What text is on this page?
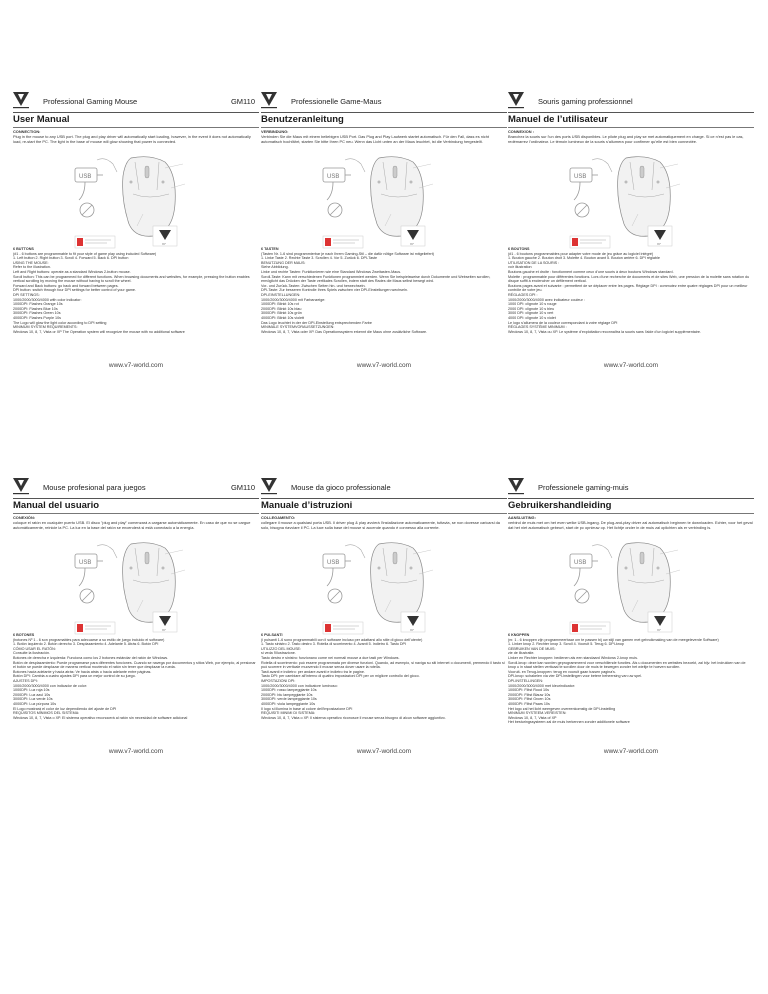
Professional Gaming Mouse	GM110
User Manual
CONNECTION:
Plug in the mouse to any USB port. The plug and play driver will automatically start loading, however, in the event it does not automatically load, re-start the PC. The light in the base of mouse will glow showing that power is connected.
USB
V7
6 BUTTONS
(#1 - 6 buttons are programmable to fit your style of game play using included Software)
1. Left button 2. Right button 3. Scroll 4. Forward 5. Back 6. DPI button
USING THE MOUSE:
Refer to the illustration.
Left and Right buttons: operate as a standard Windows 2-button mouse.
Scroll button: This can be programmed for different functions. When browsing documents and websites, for example, pressing the button enables vertical scrolling by moving the mouse without having to scroll the wheel.
Forward and Back buttons: go back and forward between pages.
DPI button: switch through four DPI settings for better control of your game.
DPI SETTINGS:
1000/2000/3000/4000 with color indicator:
1000DPI: Flashes Orange 10s
2000DPI: Flashes Blue 10s
3000DPI: Flashes Green 10s
4000DPI: Flashes Purple 10s
The Logo will glow the light color according to DPI setting
MINIMUM SYSTEM REQUIREMENTS:
Windows 10, 8, 7, Vista or XP The Operation system will recognize the mouse with no additional software
www.v7-world.com
Professionelle Game-Maus
Benutzeranleitung
VERBINDUNG:
Verbinden Sie die Maus mit einem beliebigen USB Port. Das Plug and Play Laufwerk startet automatisch. Für den Fall, dass es nicht automatisch hochfährt, starten Sie bitte Ihren PC neu. Wenn das Licht unten an der Maus leuchtet, ist die Verbindung hergestellt.
USB
V7
6 TASTEN
(Tasten Nr. 1-6 sind programmierbar je nach Ihrem Gaming-Stil – die dafür nötige Software ist mitgeliefert)
1. Linke Taste 2. Rechte Taste 3. Scrollen 4. Vor 5. Zurück 6. DPI-Taste
BENUTZUNG DER MAUS:
Siehe Abbildung.
Linke und rechte Tasten: Funktionieren wie eine Standard Windows Zweitasten-Maus.
Scroll-Taste: Kann mit verschiedenen Funktionen programmiert werden. Wenn Sie beispielsweise durch Dokumente und Webseiten scrollen, ermöglicht das Drücken der Taste vertikales Scrollen, indem statt des Rades die Maus selbst bewegt wird.
Vor- und Zurück-Tasten: Zwischen Seiten hin- und herwechseln.
DPI-Taste: Zur besseren Kontrolle Ihres Spiels zwischen vier DPI-Einstellungen wechseln.
DPI-EINSTELLUNGEN:
1000/2000/3000/4000 mit Farbanzeige:
1000DPI: Blinkt 10s rot
2000DPI: Blinkt 10s blau
3000DPI: Blinkt 10s grün
4000DPI: Blinkt 10s violett
Das Logo leuchtet in der der DPI-Einstellung entsprechenden Farbe
MINIMALE SYSTEMVORAUSSETZUNGEN:
Windows 10, 8, 7, Vista oder XP. Das Operationssystem erkennt die Maus ohne zusätzliche Software.
www.v7-world.com
Souris gaming professionnel
Manuel de l’utilisateur
CONNEXION :
Branchez la souris sur l’un des ports USB disponibles. Le pilote plug and play se met automatiquement en charge. Si ce n’est pas le cas, redémarrez l’ordinateur. Le témoin lumineux de la souris s’allumera pour confirmer qu’elle est bien connectée.
USB
V7
6 BOUTONS
(#1 - 6 boutons programmables pour adapter votre mode de jeu grâce au logiciel intégré)
1. Bouton gauche 2. Bouton droit 3. Molette 4. Bouton avant 5. Bouton arrière 6. DPI réglable
UTILISATION DE LA SOURIS :
voir illustration
Boutons gauche et droite : fonctionnent comme ceux d’une souris à deux boutons Windows standard.
Molette : programmable pour différentes fonctions. Lors d’une recherche de documents et de sites Web, une pression de la molette sans rotation du disque suffit à enclencher un défilement vertical.
Boutons pages avant et suivante : permettent de se déplacer entre les pages. Réglage DPI : commutez entre quatre réglages DPI pour un meilleur contrôle de votre jeu.
RÉGLAGES DPI :
1000/2000/3000/4000 avec indicateur couleur :
1000 DPI: clignote 10 s rouge
2000 DPI: clignote 10 s bleu
3000 DPI: clignote 10 s vert
4000 DPI: clignote 10 s violet
Le logo s’allumera de la couleur correspondant à votre réglage DPI
RÉGLAGES SYSTÈME MINIMUM :
Windows 10, 8, 7, Vista ou XP. Le système d’exploitation reconnaîtra la souris sans l’aide d’un logiciel supplémentaire.
www.v7-world.com
Mouse profesional para juegos	GM110
Manual del usuario
CONEXIÓN:
coloque el ratón en cualquier puerto USB. El disco "plug and play" comenzará a cargarse automáticamente. En caso de que no se cargue automáticamente, reinicie la PC. La luz en la base del ratón se encenderá si está conectado a la energía.
USB
V7
6 BOTONES
(botones Nº 1 - 6 son programables para adecuarse a su estilo de juego incluido el software)
1. Botón izquierdo 2. Botón derecho 3. Desplazamiento 4. Adelante 5. Atrás 6. Botón DPI
CÓMO USAR EL RATÓN:
Consulte la ilustración.
Botones de derecha e izquierda: Funciona como los 2 botones estándar del ratón de Windows.
Botón de desplazamiento: Puede programarse para diferentes funciones. Cuando se navega por documentos y sitios Web, por ejemplo, al presionar el botón se puede desplazar de manera vertical moviendo el ratón sin tener que desplazar la rueda.
Botones hacia adelante y hacia atrás: Ve hacia atrás o hacia adelante entre páginas.
Botón DPI: Cambia a cuatro ajustes DPI para un mejor control de su juego.
AJUSTES DPI:
1000/2000/3000/4000 con indicador de color:
1000DPI: Luz roja 10s
2000DPI: Luz azul 10s
3000DPI: Luz verde 10s
4000DPI: Luz púrpura 10s
El Logo mostrará el color de luz dependiendo del ajuste de DPI
REQUISITOS MÍNIMOS DEL SISTEMA:
Windows 10, 8, 7, Vista o XP. El sistema operativo reconocerá al ratón sin necesidad de software adicional
www.v7-world.com
Mouse da gioco professionale
Manuale d’istruzioni
COLLEGAMENTO:
collegare il mouse a qualsiasi porta USB. Il driver plug & play avvierà l’installazione automaticamente, tuttavia, se non dovesse caricarsi da solo, bisogna riavviare il PC. La luce sulla base del mouse si accende quando è connesso alla corrente.
USB
V7
6 PULSANTI
(i pulsanti 1-6 sono programmabili con il software incluso per adattarsi allo stile di gioco dell’utente)
1. Tasto sinistro 2. Tasto destro 3. Rotella di scorrimento 4. Avanti 5. Indietro 6. Tasto DPI
UTILIZZO DEL MOUSE:
si veda l’illustrazione.
Tasto destro e sinistro: funzionano come nei normali mouse a due tasti per Windows.
Rotella di scorrimento: può essere programmata per diverse funzioni. Quando, ad esempio, si naviga su siti internet o documenti, premendo il tasto si può scorrere in verticale muovendo il mouse senza dover usare la rotella.
Tasti avanti e indietro: per andare avanti e indietro tra le pagine.
Tasto DPI: per cambiare all’interno di quattro impostazioni DPI per un migliore controllo del gioco.
IMPOSTAZIONI DPI:
1000/2000/3000/4000 con indicatore luminoso:
1000DPI: rosso lampeggiante 10s
2000DPI: blu lampeggiante 10s
3000DPI: verde lampeggiante 10s
4000DPI: viola lampeggiante 10s
Il logo si illumina in base al colore dell’impostazione DPI
REQUISITI MINIMI DI SISTEMA:
Windows 10, 8, 7, Vista o XP. Il sistema operativo riconosce il mouse senza bisogno di alcun software aggiuntivo.
www.v7-world.com
Professionele gaming-muis
Gebruikershandleiding
AANSLUITING:
verbind de muis met om het even welke USB-ingang. De plug-and-play driver zal automatisch beginnen te downloaden. Echter, voor het geval dat het niet automatisch gebeurt, start de pc opnieuw op. Het lichtje onder in de muis zal oplichten als er verbinding is.
USB
V7
6 KNOPPEN
(nr. 1 - 6 knoppen zijn programmeerbaar om te passen bij uw stijl van gamen met gebruikmaking van de meegeleverde Software)
1. Linker knop 2. Rechter knop 3. Scroll 4. Vooruit 5. Terug 6. DPI-knop
GEBRUIKEN VAN DE MUIS:
zie de illustratie.
Linker en Rechter knoppen: bedienen als een standaard Windows 2-knop muis.
Scroll-knop: deze kan worden geprogrammeerd voor verschillende functies. Als u documenten en websites bezoekt, zal bijv. het indrukken van de knop u in staat stellen verticaal te scrollen door de muis te bewegen zonder het wieltje te hoeven scrollen.
Vooruit- en Terug-knoppen: terug en vooruit gaan tussen pagina’s.
DPI-knop: schakelen via vier DPI-instellingen voor betere beheersing van uw spel.
DPI-INSTELLINGEN:
1000/2000/3000/4000 met kleurindicator:
1000DPI: Flitst Rood 10s
2000DPI: Flitst Blauw 10s
3000DPI: Flitst Groen 10s
4000DPI: Flitst Paars 10s
Het logo zal het licht weergeven overeenkomstig de DPI-instelling
MINIMUM SYSTEEM-VEREISTEN:
Windows 10, 8, 7, Vista of XP
Het besturingssysteem zal de muis herkennen zonder additionele software
www.v7-world.com
